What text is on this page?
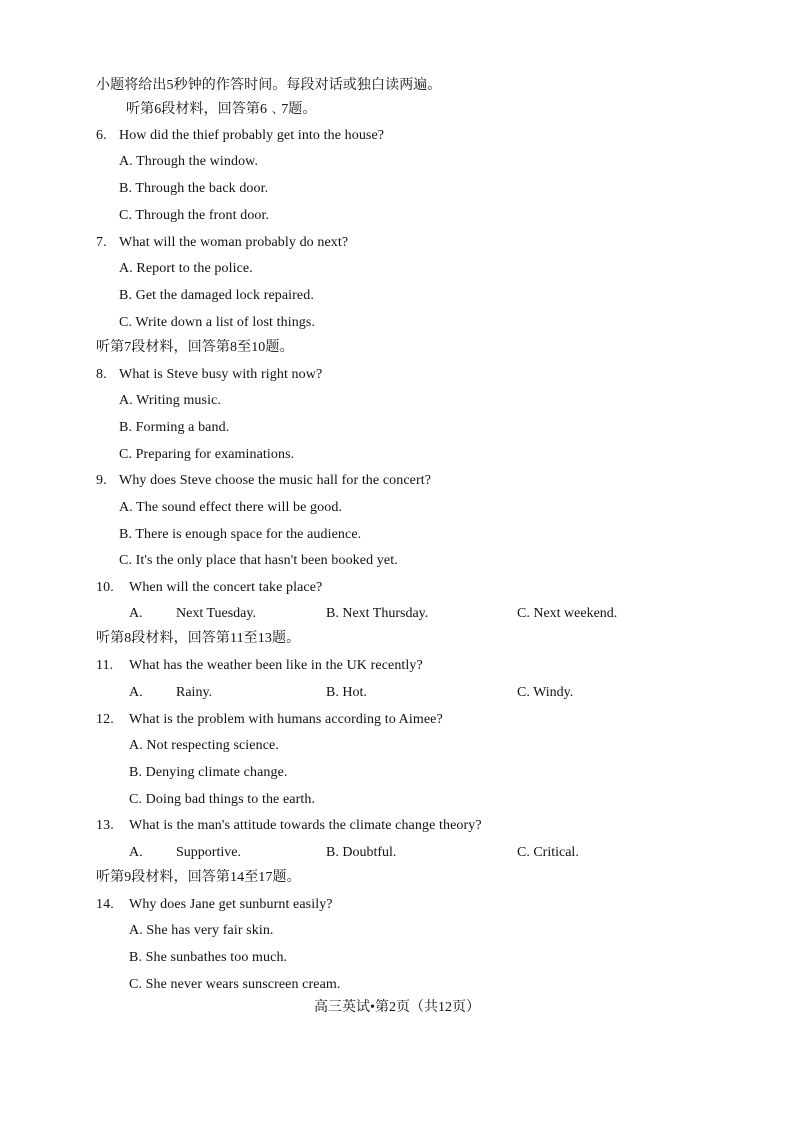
小题将给出5秒钟的作答时间。每段对话或独白读两遍。
听第6段材料，回答第6﹑7题。
6. How did the thief probably get into the house?
A. Through the window.
B. Through the back door.
C. Through the front door.
7. What will the woman probably do next?
A. Report to the police.
B. Get the damaged lock repaired.
C. Write down a list of lost things.
听第7段材料，回答第8至10题。
8. What is Steve busy with right now?
A. Writing music.
B. Forming a band.
C. Preparing for examinations.
9. Why does Steve choose the music hall for the concert?
A. The sound effect there will be good.
B. There is enough space for the audience.
C. It's the only place that hasn't been booked yet.
10. When will the concert take place?
A. Next Tuesday.	B. Next Thursday.	C. Next weekend.
听第8段材料，回答第11至13题。
11. What has the weather been like in the UK recently?
A. Rainy.	B. Hot.	C. Windy.
12. What is the problem with humans according to Aimee?
A. Not respecting science.
B. Denying climate change.
C. Doing bad things to the earth.
13. What is the man's attitude towards the climate change theory?
A. Supportive.	B. Doubtful.	C. Critical.
听第9段材料，回答第14至17题。
14. Why does Jane get sunburnt easily?
A. She has very fair skin.
B. She sunbathes too much.
C. She never wears sunscreen cream.
高三英试•第2页（共12页）
